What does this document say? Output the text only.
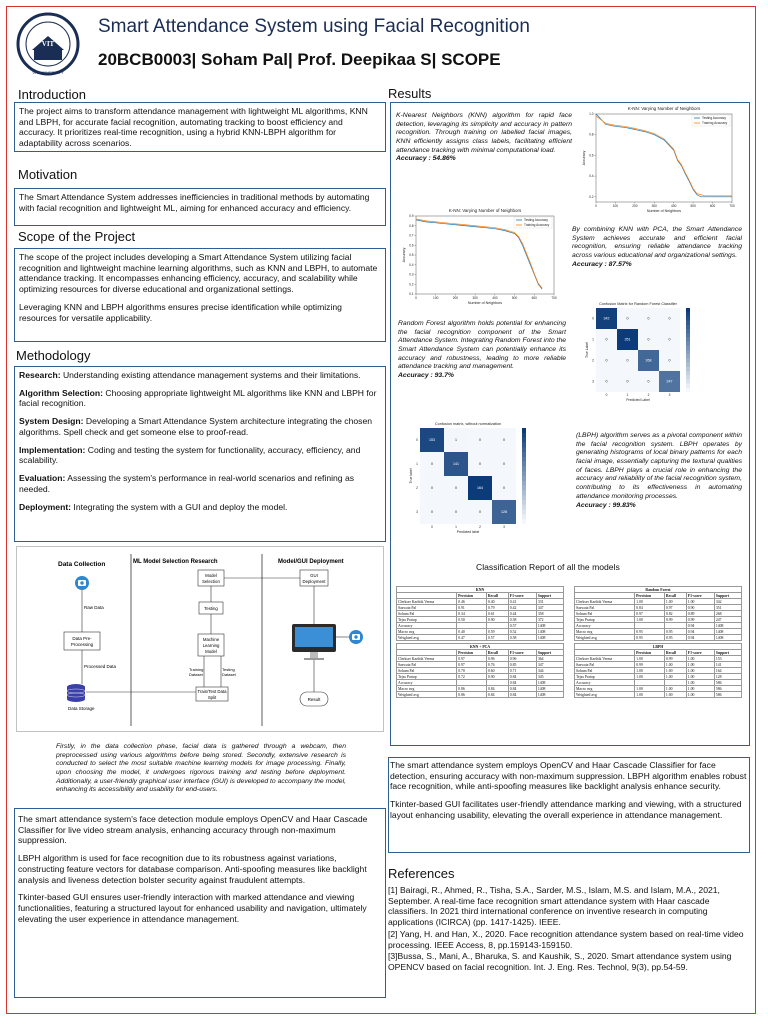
VIT
VIT UNIVERSITY
Smart Attendance System using Facial Recognition
20BCB0003| Soham Pal| Prof. Deepikaa S| SCOPE
Introduction

The project aims to transform attendance management with lightweight ML algorithms, KNN and LBPH, for accurate facial recognition, automating tracking to boost efficiency and accuracy. It prioritizes real-time recognition, using a hybrid KNN-LBPH algorithm for adaptability across scenarios.

Motivation

The Smart Attendance System addresses inefficiencies in traditional methods by automating with facial recognition and lightweight ML, aiming for enhanced accuracy and efficiency.

Scope of the Project

The scope of the project includes developing a Smart Attendance System utilizing facial recognition and lightweight machine learning algorithms, such as KNN and LBPH, to automate attendance tracking. It encompasses enhancing efficiency, accuracy, and scalability while optimizing resources for diverse educational and organizational settings.

Leveraging KNN and LBPH algorithms ensures precise identification while optimizing resources for versatile applicability.

Methodology

Research: Understanding existing attendance management systems and their limitations.

Algorithm Selection: Choosing appropriate lightweight ML algorithms like KNN and LBPH for facial recognition.

System Design: Developing a Smart Attendance System architecture integrating the chosen algorithms. Spell check and get someone else to proof-read.

Implementation: Coding and testing the system for functionality, accuracy, efficiency, and scalability.

Evaluation: Assessing the system's performance in real-world scenarios and refining as needed.

Deployment: Integrating the system with a GUI and deploy the model.

Data Collection	ML Model Selection Research	Model/GUI Deployment
Raw Data
Data Pre-
Processing
Processed Data
Data Storage
Model
Selection
Testing
Machine
Learning
Model
Training
Dataset
Testing
Dataset
Train/Test Data
Split
GUI
Deployment
Result
Firstly, in the data collection phase, facial data is gathered through a webcam, then preprocessed using various algorithms before being stored. Secondly, extensive research is conducted to select the most suitable machine learning models for image processing. Finally, upon choosing the model, it undergoes rigorous training and testing before deployment. Additionally, a user-friendly graphical user interface (GUI) is developed to accompany the model, enhancing its accessibility and usability for end-users.

The smart attendance system's face detection module employs OpenCV and Haar Cascade Classifier for live video stream analysis, enhancing accuracy through non-maximum suppression.

LBPH algorithm is used for face recognition due to its robustness against variations, constructing feature vectors for database comparison. Anti-spoofing measures like backlight analysis and liveness detection bolster security against fraudulent attempts.

Tkinter-based GUI ensures user-friendly interaction with marked attendance and viewing functionalities, featuring a structured layout for enhanced usability and navigation, ultimately elevating the user experience in attendance management.

Results
K-Nearest Neighbors (KNN) algorithm for rapid face detection, leveraging its simplicity and accuracy in pattern recognition. Through training on labelled facial images, KNN efficiently assigns class labels, facilitating efficient attendance tracking with minimal computational load.
Accuracy : 54.86%
K-NN: Varying Number of Neighbors
0	100	200	300	400	500	600	700
0.2
0.4
0.6
0.8
1.0
Number of Neighbors
Accuracy
Testing Accuracy
Training Accuracy
K-NN: Varying Number of Neighbors
0	100	200	300	400	500	600	700
0.1
0.2
0.3
0.4
0.5
0.6
0.7
0.8
0.9
Number of Neighbors
Accuracy
Testing Accuracy
Training Accuracy
By combining KNN with PCA, the Smart Attendance System achieves accurate and efficient facial recognition, ensuring reliable attendance tracking across various educational and organizational settings.
Accuracy : 87.57%
Random Forest algorithm holds potential for enhancing the facial recognition component of the Smart Attendance System. Integrating Random Forest into the Smart Attendance System can potentially enhance its accuracy and robustness, leading to more reliable attendance tracking and management.
Accuracy : 93.7%
Confusion Matrix for Random Forest Classifier
342	0	0	0
0	351	0	0
0	0	268	0
0	0	0	247
0
0
1
1
2
2
3
3
Predicted Label
True Label
Confusion matrix, without normalization
153	1	0	0
0	141	0	0
0	0	164	0
0	0	0	128
0
0
1
1
2
2
3
3
Predicted label
True label
(LBPH) algorithm serves as a pivotal component within the facial recognition system. LBPH operates by generating histograms of local binary patterns for each facial image, essentially capturing the textural qualities of faces. LBPH plays a crucial role in enhancing the accuracy and reliability of the facial recognition system, contributing to its effectiveness in automating attendance monitoring processes.
Accuracy : 99.83%
Classification Report of all the models
KNN				
	Precision	Recall	F1-score	Support
Clerkser Karthik Verma	0.46	0.40	0.41	331
Saswata Pal	0.91	0.79	0.42	347
Soham Pal	0.34	0.61	0.44	358
Tejas Pratap	0.50	0.90	0.58	372
Accuracy			0.57	1408
Macro avg	0.40	0.59	0.52	1408
Weighted avg	0.47	0.57	0.58	1408
Random Forest				
	Precision	Recall	F1-score	Support
Clerkser Karthik Verma	1.00	1.00	1.00	342
Saswata Pal	0.84	0.97	0.90	351
Soham Pal	0.97	0.82	0.89	268
Tejas Pratap	1.00	0.99	0.99	247
Accuracy			0.94	1408
Macro avg	0.95	0.95	0.94	1408
Weighted avg	0.95	0.95	0.94	1408
KNN + PCA				
	Precision	Recall	F1-score	Support
Clerkser Karthik Verma	0.97	0.96	0.96	364
Saswata Pal	0.97	0.76	0.85	347
Soham Pal	0.70	0.60	0.71	344
Tejas Pratap	0.72	0.90	0.84	345
Accuracy			0.84	1408
Macro avg	0.86	0.84	0.84	1408
Weighted avg	0.86	0.84	0.84	1408
LBPH				
	Precision	Recall	F1-score	Support
Clerkser Karthik Verma	1.00	0.99	1.00	153
Saswata Pal	0.99	1.00	1.00	141
Soham Pal	1.00	1.00	1.00	164
Tejas Pratap	1.00	1.00	1.00	128
Accuracy			1.00	586
Macro avg	1.00	1.00	1.00	586
Weighted avg	1.00	1.00	1.00	586

The smart attendance system employs OpenCV and Haar Cascade Classifier for face detection, ensuring accuracy with non-maximum suppression. LBPH algorithm enables robust face recognition, while anti-spoofing measures like backlight analysis enhance security.

Tkinter-based GUI facilitates user-friendly attendance marking and viewing, with a structured layout enhancing usability, elevating the overall experience in attendance management.

References

[1] Bairagi, R., Ahmed, R., Tisha, S.A., Sarder, M.S., Islam, M.S. and Islam, M.A., 2021, September. A real-time face recognition smart attendance system with Haar cascade classifiers. In 2021 third international conference on inventive research in computing applications (ICIRCA) (pp. 1417-1425). IEEE.

[2] Yang, H. and Han, X., 2020. Face recognition attendance system based on real-time video processing. IEEE Access, 8, pp.159143-159150.

[3]Bussa, S., Mani, A., Bharuka, S. and Kaushik, S., 2020. Smart attendance system using OPENCV based on facial recognition. Int. J. Eng. Res. Technol, 9(3), pp.54-59.
